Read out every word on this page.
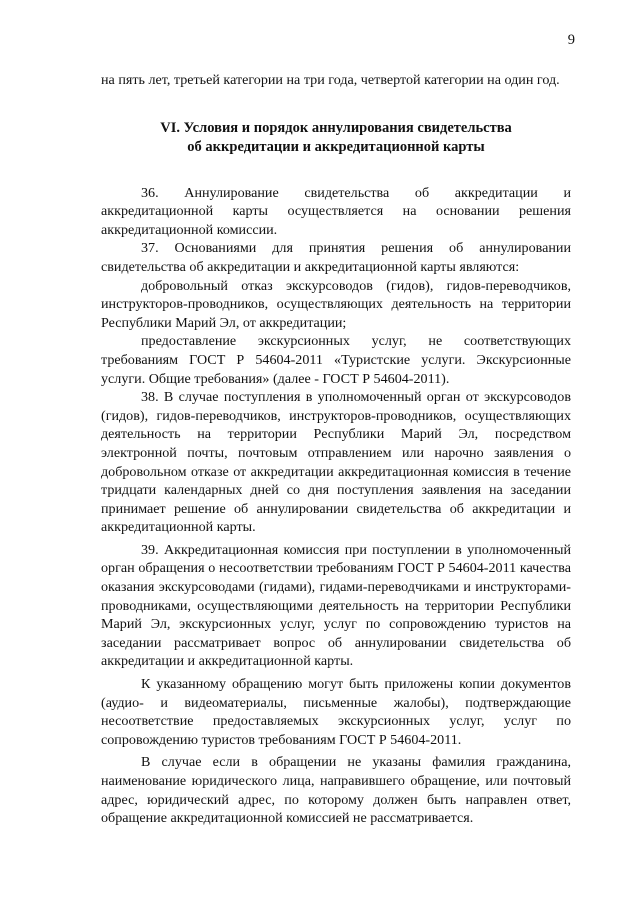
9

на пять лет, третьей категории на три года, четвертой категории на один год.

VI. Условия и порядок аннулирования свидетельства
об аккредитации и аккредитационной карты

36. Аннулирование свидетельства об аккредитации и аккредитационной карты осуществляется на основании решения аккредитационной комиссии.

37. Основаниями для принятия решения об аннулировании свидетельства об аккредитации и аккредитационной карты являются:

добровольный отказ экскурсоводов (гидов), гидов-переводчиков, инструкторов-проводников, осуществляющих деятельность на территории Республики Марий Эл, от аккредитации;

предоставление экскурсионных услуг, не соответствующих требованиям ГОСТ Р 54604-2011 «Туристские услуги. Экскурсионные услуги. Общие требования» (далее - ГОСТ Р 54604-2011).

38. В случае поступления в уполномоченный орган от экскурсоводов (гидов), гидов-переводчиков, инструкторов-проводников, осуществляющих деятельность на территории Республики Марий Эл, посредством электронной почты, почтовым отправлением или нарочно заявления о добровольном отказе от аккредитации аккредитационная комиссия в течение тридцати календарных дней со дня поступления заявления на заседании принимает решение об аннулировании свидетельства об аккредитации и аккредитационной карты.

39. Аккредитационная комиссия при поступлении в уполномоченный орган обращения о несоответствии требованиям ГОСТ Р 54604-2011 качества оказания экскурсоводами (гидами), гидами-переводчиками и инструкторами-проводниками, осуществляющими деятельность на территории Республики Марий Эл, экскурсионных услуг, услуг по сопровождению туристов на заседании рассматривает вопрос об аннулировании свидетельства об аккредитации и аккредитационной карты.

К указанному обращению могут быть приложены копии документов (аудио- и видеоматериалы, письменные жалобы), подтверждающие несоответствие предоставляемых экскурсионных услуг, услуг по сопровождению туристов требованиям ГОСТ Р 54604-2011.

В случае если в обращении не указаны фамилия гражданина, наименование юридического лица, направившего обращение, или почтовый адрес, юридический адрес, по которому должен быть направлен ответ, обращение аккредитационной комиссией не рассматривается.
